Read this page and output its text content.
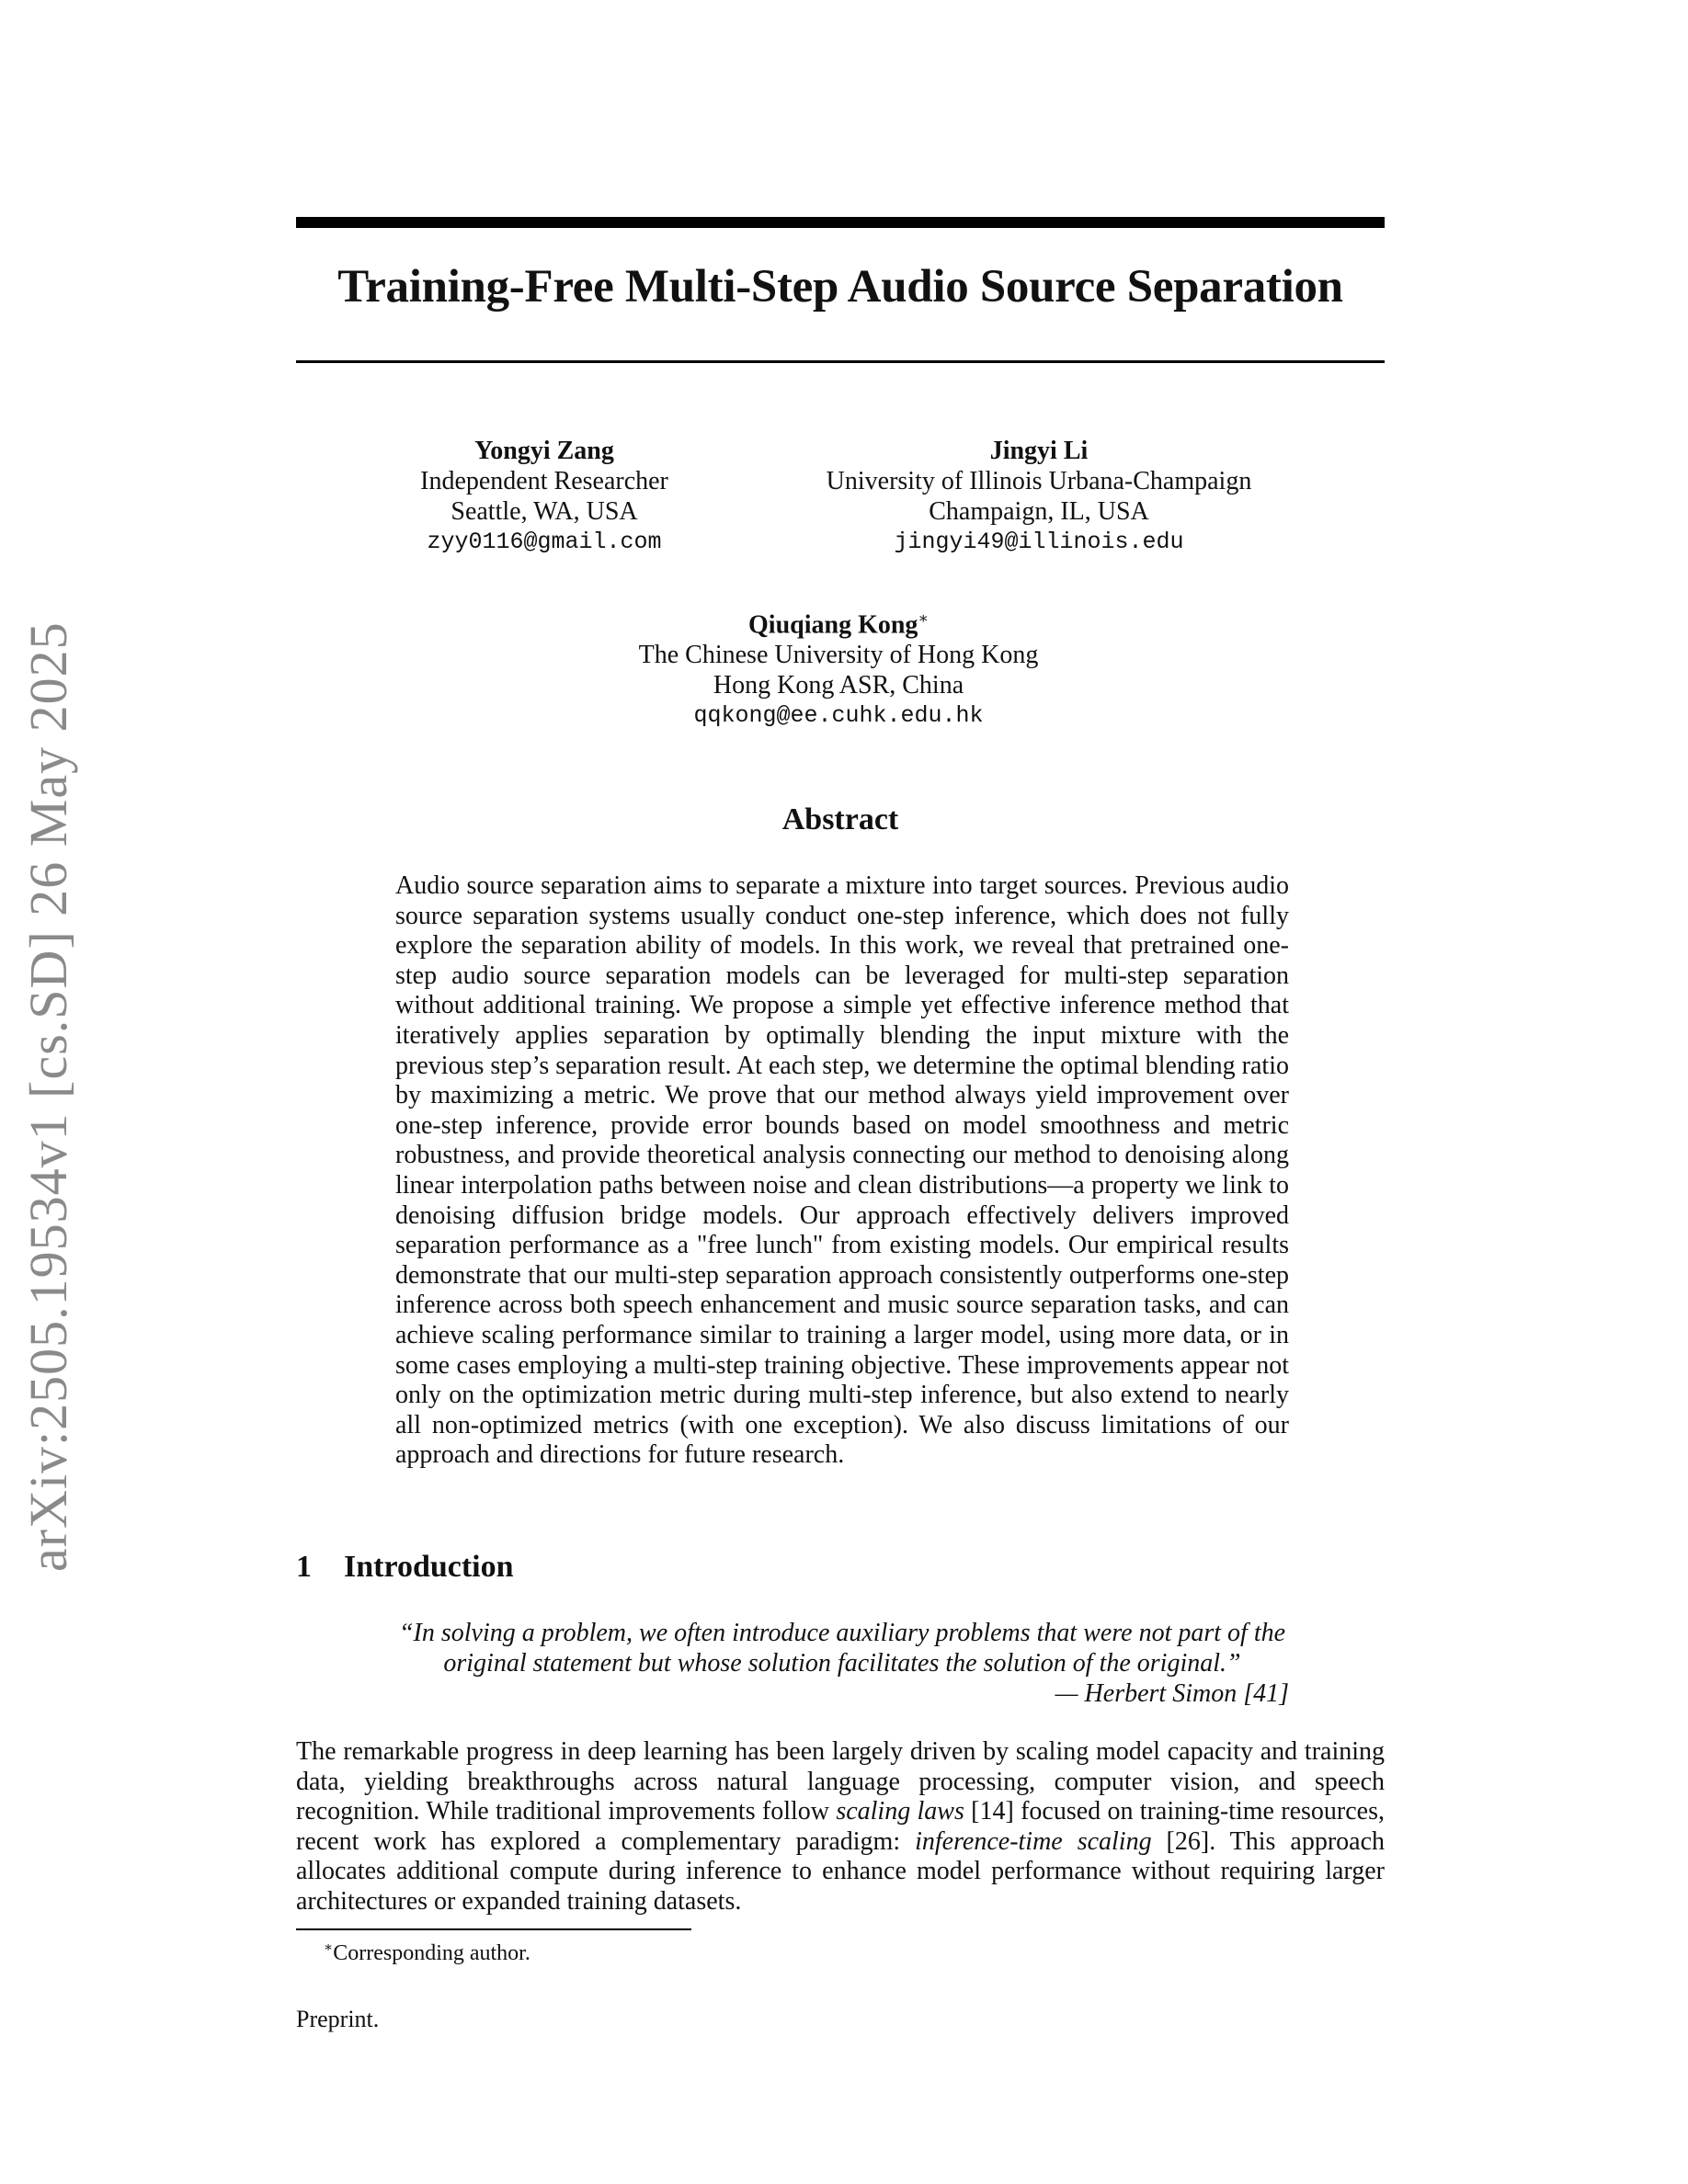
arXiv:2505.19534v1 [cs.SD] 26 May 2025
Training-Free Multi-Step Audio Source Separation
Yongyi Zang
Independent Researcher
Seattle, WA, USA
zyy0116@gmail.com
Jingyi Li
University of Illinois Urbana-Champaign
Champaign, IL, USA
jingyi49@illinois.edu
Qiuqiang Kong∗
The Chinese University of Hong Kong
Hong Kong ASR, China
qqkong@ee.cuhk.edu.hk
Abstract
Audio source separation aims to separate a mixture into target sources. Previous audio source separation systems usually conduct one-step inference, which does not fully explore the separation ability of models. In this work, we reveal that pretrained one-step audio source separation models can be leveraged for multi-step separation without additional training. We propose a simple yet effective inference method that iteratively applies separation by optimally blending the input mixture with the previous step’s separation result. At each step, we determine the optimal blending ratio by maximizing a metric. We prove that our method always yield improvement over one-step inference, provide error bounds based on model smoothness and metric robustness, and provide theoretical analysis connecting our method to denoising along linear interpolation paths between noise and clean distributions—a property we link to denoising diffusion bridge models. Our approach effectively delivers improved separation performance as a "free lunch" from existing models. Our empirical results demonstrate that our multi-step separation approach consistently outperforms one-step inference across both speech enhancement and music source separation tasks, and can achieve scaling performance similar to training a larger model, using more data, or in some cases employing a multi-step training objective. These improvements appear not only on the optimization metric during multi-step inference, but also extend to nearly all non-optimized metrics (with one exception). We also discuss limitations of our approach and directions for future research.
1 Introduction
“In solving a problem, we often introduce auxiliary problems that were not part of the original statement but whose solution facilitates the solution of the original.”
— Herbert Simon [41]
The remarkable progress in deep learning has been largely driven by scaling model capacity and training data, yielding breakthroughs across natural language processing, computer vision, and speech recognition. While traditional improvements follow scaling laws [14] focused on training-time resources, recent work has explored a complementary paradigm: inference-time scaling [26]. This approach allocates additional compute during inference to enhance model performance without requiring larger architectures or expanded training datasets.
∗Corresponding author.
Preprint.
